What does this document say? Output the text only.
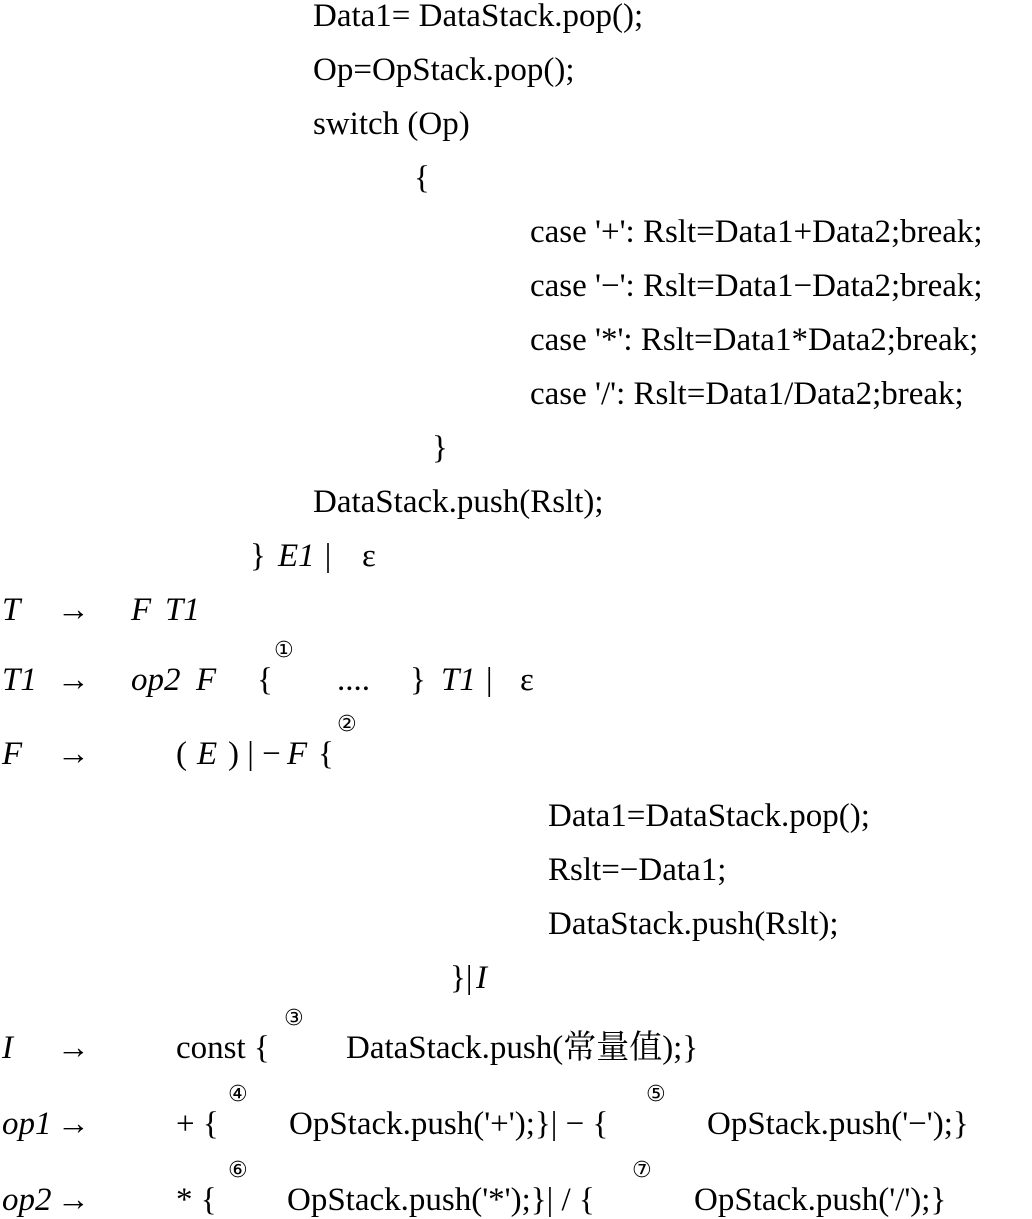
Data1= DataStack.pop();
Op=OpStack.pop();
switch (Op)
{
case '+': Rslt=Data1+Data2;break;
case '−': Rslt=Data1−Data2;break;
case '*': Rslt=Data1*Data2;break;
case '/': Rslt=Data1/Data2;break;
}
DataStack.push(Rslt);
} E1 | ε
T → F T1
T1 → op2 F {
①
.... } T1 | ε
F →	( E ) | − F {
②
Data1=DataStack.pop();
Rslt=−Data1;
DataStack.push(Rslt);
}| I
I →	const {
③
DataStack.push(常量值);}
op1 →	+ {
④
OpStack.push('+');}| − {
⑤
OpStack.push('−');}
op2 →	* {
⑥
OpStack.push('*');}| / {
⑦
OpStack.push('/');}
